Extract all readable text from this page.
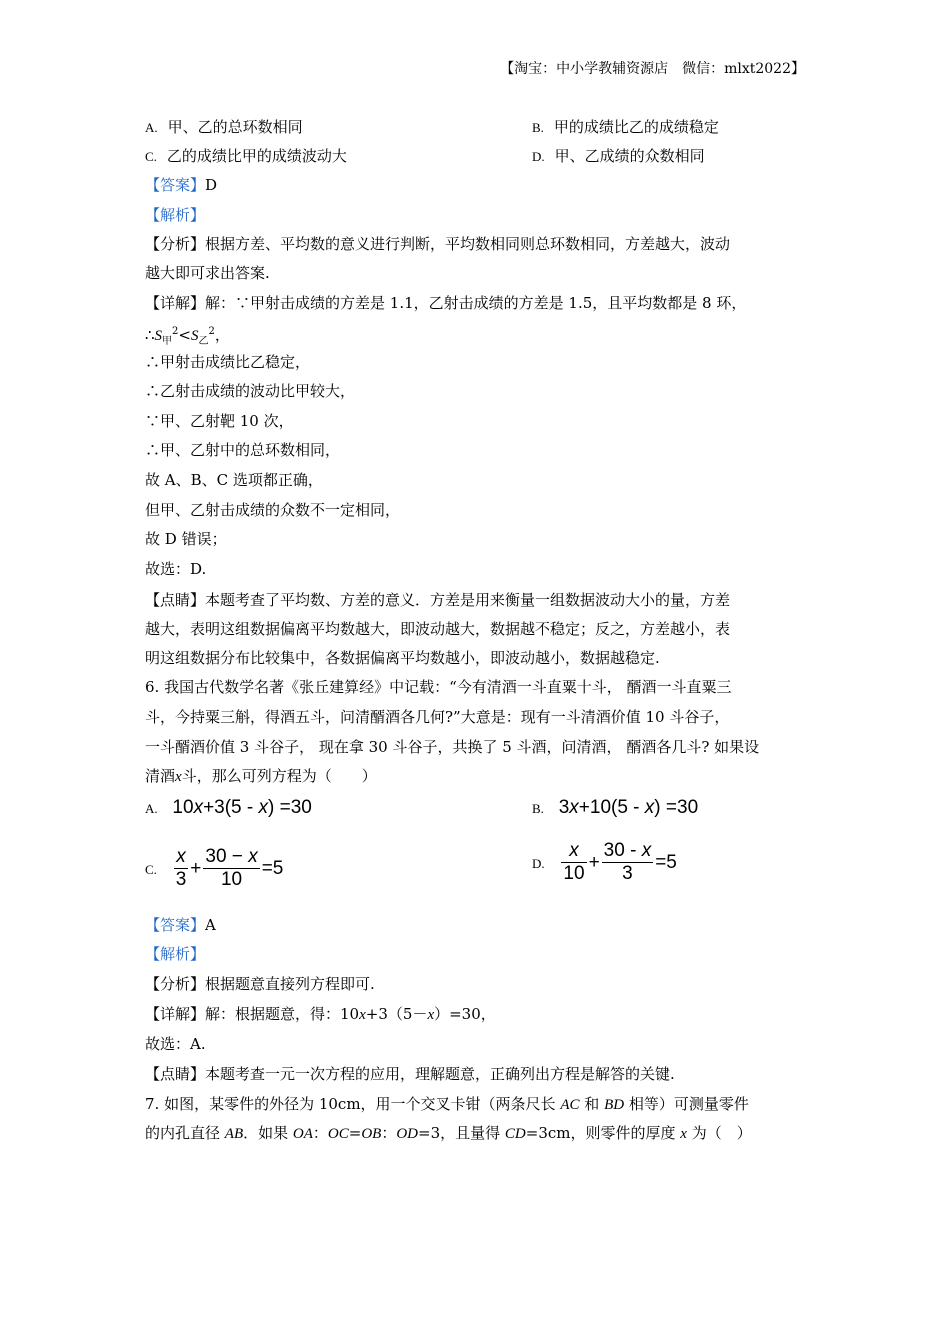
【淘宝：中小学教辅资源店　微信：mlxt2022】
A. 甲、乙的总环数相同	B. 甲的成绩比乙的成绩稳定
C. 乙的成绩比甲的成绩波动大	D. 甲、乙成绩的众数相同
【答案】D
【解析】
【分析】根据方差、平均数的意义进行判断，平均数相同则总环数相同，方差越大，波动
越大即可求出答案.
【详解】解：∵甲射击成绩的方差是 1.1，乙射击成绩的方差是 1.5，且平均数都是 8 环，
$\therefore S_甲^2<S_乙^2$，
∴甲射击成绩比乙稳定，
∴乙射击成绩的波动比甲较大，
∵甲、乙射靶 10 次，
∴甲、乙射中的总环数相同，
故 A、B、C 选项都正确，
但甲、乙射击成绩的众数不一定相同，
故 D 错误；
故选：D.
【点睛】本题考查了平均数、方差的意义．方差是用来衡量一组数据波动大小的量，方差
越大，表明这组数据偏离平均数越大，即波动越大，数据越不稳定；反之，方差越小，表
明这组数据分布比较集中，各数据偏离平均数越小，即波动越小，数据越稳定.
6. 我国古代数学名著《张丘建算经》中记载：“今有清酒一斗直粟十斗， 醑酒一斗直粟三
斗，今持粟三斛，得酒五斗，问清醑酒各几何?”大意是：现有一斗清酒价值 10 斗谷子，
一斗醑酒价值 3 斗谷子， 现在拿 30 斗谷子，共换了 5 斗酒，问清酒， 醑酒各几斗? 如果设
清酒x斗，那么可列方程为（　　）
A. 10x+3(5 - x) =30	B. 3x+10(5 - x) =30
C. $\frac{x}{3} + \frac{30 - x}{10} =5$	D. $\frac{x}{10} + \frac{30 - x}{3} =5$
【答案】A
【解析】
【分析】根据题意直接列方程即可.
【详解】解：根据题意，得：10x+3（5－x）=30，
故选：A.
【点睛】本题考查一元一次方程的应用，理解题意，正确列出方程是解答的关键.
7. 如图，某零件的外径为 10cm，用一个交叉卡钳（两条尺长 AC 和 BD 相等）可测量零件
的内孔直径 AB．如果 OA：OC=OB：OD=3，且量得 CD=3cm，则零件的厚度 x 为（　）
